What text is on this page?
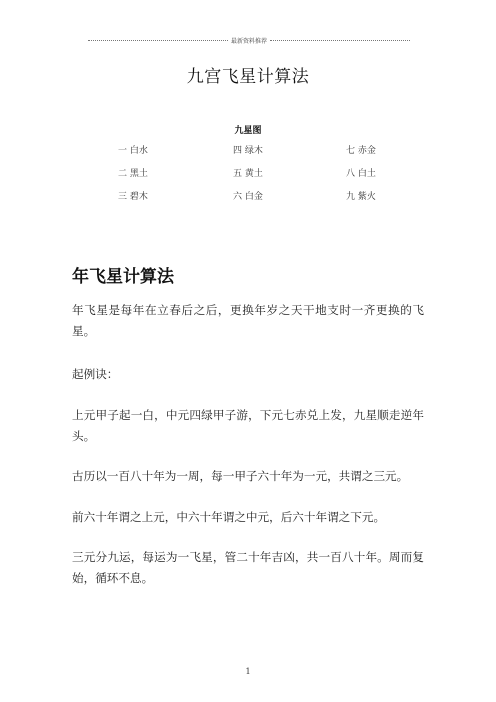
最新资料推荐
九宫飞星计算法
九星图
一 白水	四 绿木	七 赤金
二 黑土	五 黄土	八 白土
三 碧木	六 白金	九 紫火
年飞星计算法
年飞星是每年在立春后之后，更换年岁之天干地支时一齐更换的飞星。
起例诀：
上元甲子起一白，中元四绿甲子游，下元七赤兑上发，九星顺走逆年头。
古历以一百八十年为一周，每一甲子六十年为一元，共谓之三元。
前六十年谓之上元，中六十年谓之中元，后六十年谓之下元。
三元分九运，每运为一飞星，管二十年吉凶，共一百八十年。周而复始，循环不息。
1
